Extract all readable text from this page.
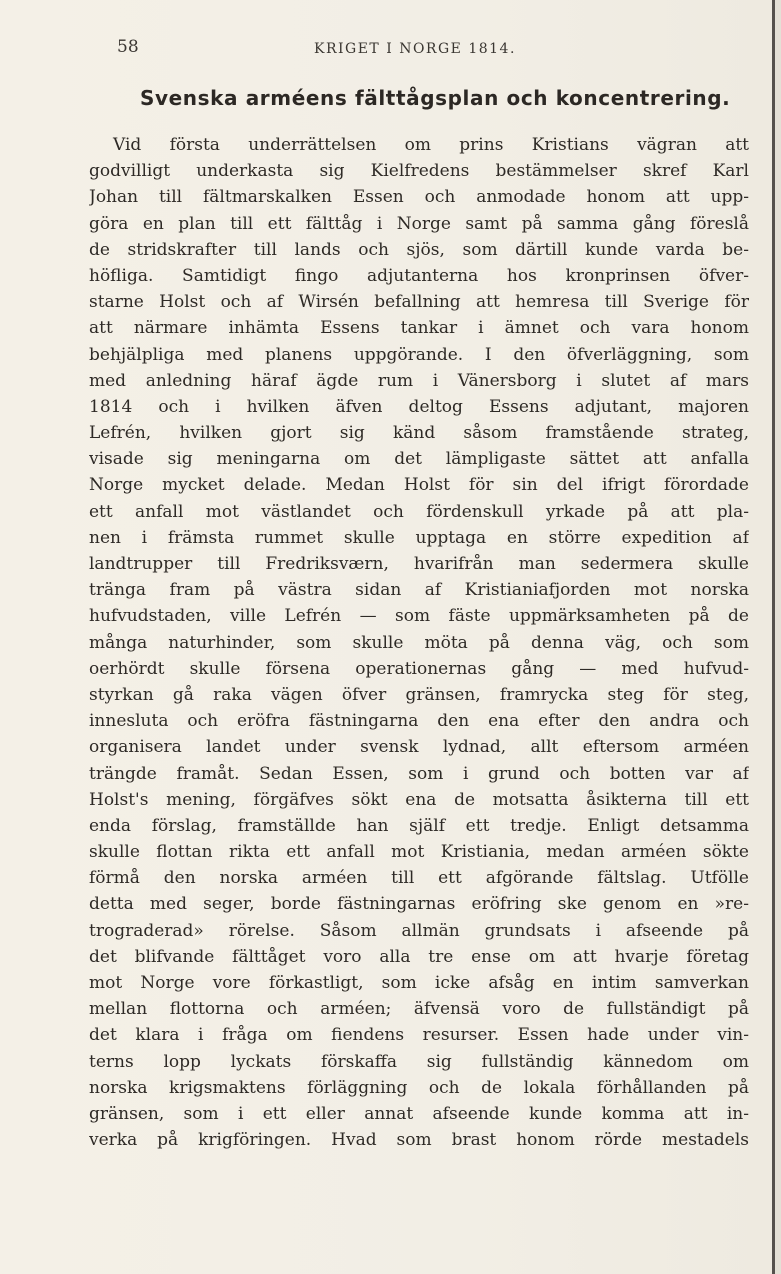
58	KRIGET I NORGE 1814.
Svenska arméens fälttågsplan och koncentrering.
Vid första underrättelsen om prins Kristians vägran att
godvilligt underkasta sig Kielfredens bestämmelser skref Karl
Johan till fältmarskalken Essen och anmodade honom att upp-
göra en plan till ett fälttåg i Norge samt på samma gång föreslå
de stridskrafter till lands och sjös, som därtill kunde varda be-
höfliga. Samtidigt fingo adjutanterna hos kronprinsen öfver-
starne Holst och af Wirsén befallning att hemresa till Sverige för
att närmare inhämta Essens tankar i ämnet och vara honom
behjälpliga med planens uppgörande. I den öfverläggning, som
med anledning häraf ägde rum i Vänersborg i slutet af mars
1814 och i hvilken äfven deltog Essens adjutant, majoren
Lefrén, hvilken gjort sig känd såsom framstående strateg,
visade sig meningarna om det lämpligaste sättet att anfalla
Norge mycket delade. Medan Holst för sin del ifrigt förordade
ett anfall mot västlandet och fördenskull yrkade på att pla-
nen i främsta rummet skulle upptaga en större expedition af
landtrupper till Fredriksværn, hvarifrån man sedermera skulle
tränga fram på västra sidan af Kristianiafjorden mot norska
hufvudstaden, ville Lefrén — som fäste uppmärksamheten på de
många naturhinder, som skulle möta på denna väg, och som
oerhördt skulle försena operationernas gång — med hufvud-
styrkan gå raka vägen öfver gränsen, framrycka steg för steg,
innesluta och eröfra fästningarna den ena efter den andra och
organisera landet under svensk lydnad, allt eftersom arméen
trängde framåt. Sedan Essen, som i grund och botten var af
Holst's mening, förgäfves sökt ena de motsatta åsikterna till ett
enda förslag, framställde han själf ett tredje. Enligt detsamma
skulle flottan rikta ett anfall mot Kristiania, medan arméen sökte
förmå den norska arméen till ett afgörande fältslag. Utfölle
detta med seger, borde fästningarnas eröfring ske genom en »re-
trograderad» rörelse. Såsom allmän grundsats i afseende på
det blifvande fälttåget voro alla tre ense om att hvarje företag
mot Norge vore förkastligt, som icke afsåg en intim samverkan
mellan flottorna och arméen; äfvensä voro de fullständigt på
det klara i fråga om fiendens resurser. Essen hade under vin-
terns lopp lyckats förskaffa sig fullständig kännedom om
norska krigsmaktens förläggning och de lokala förhållanden på
gränsen, som i ett eller annat afseende kunde komma att in-
verka på krigföringen. Hvad som brast honom rörde mestadels
